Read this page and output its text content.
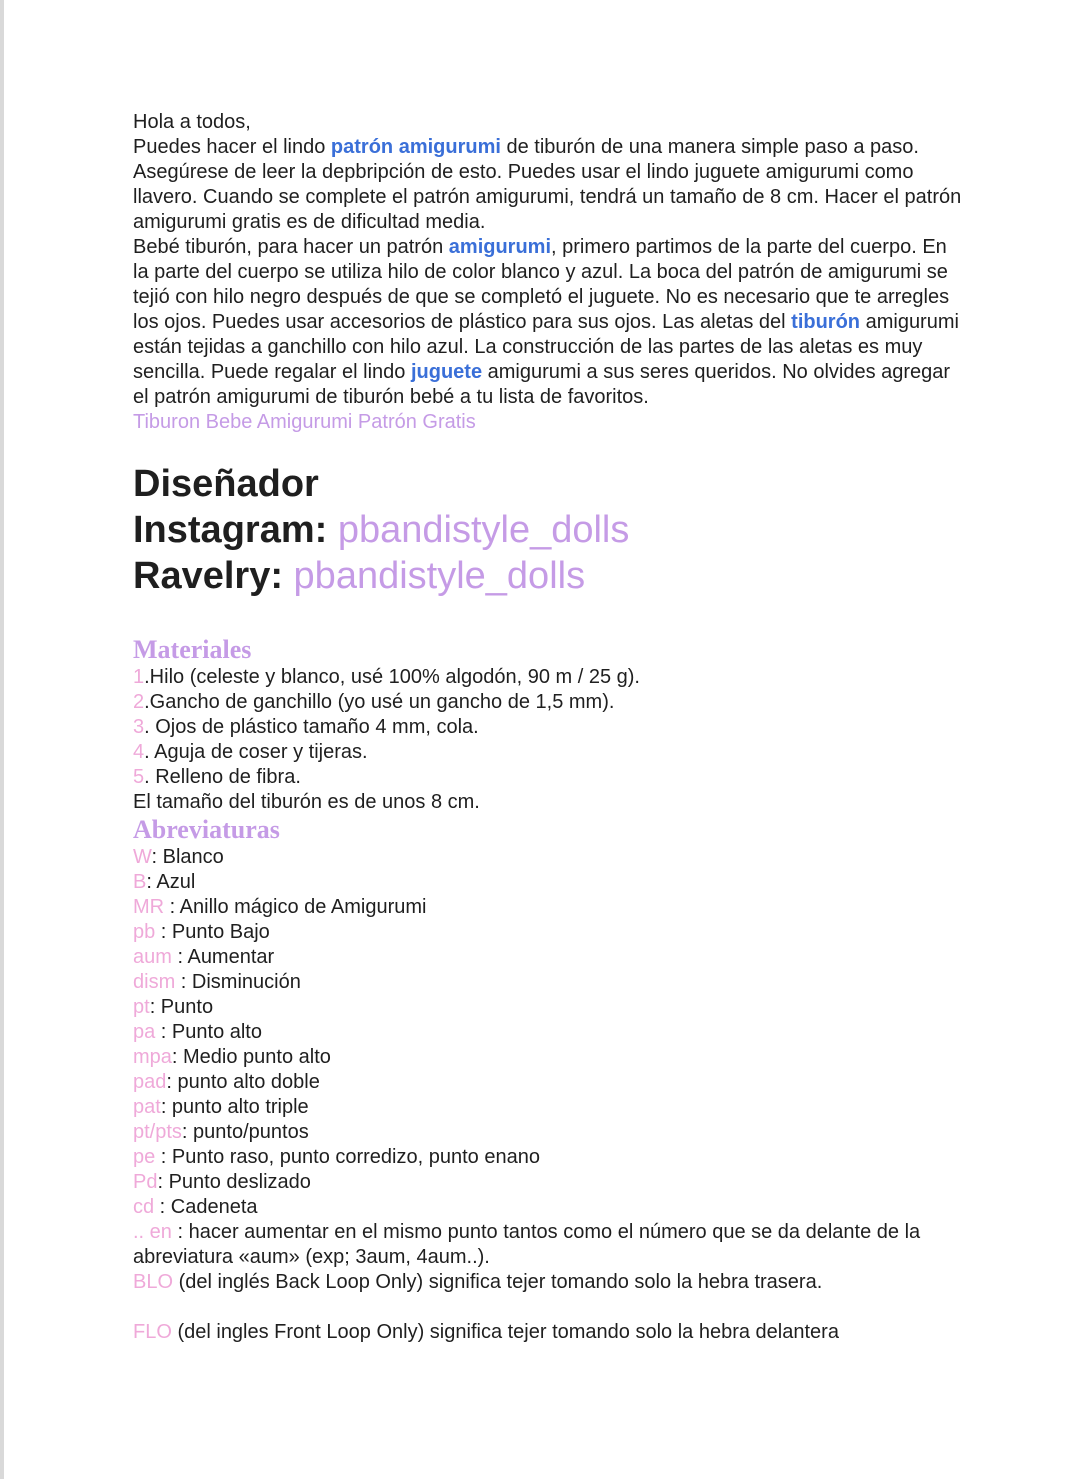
Hola a todos,

Puedes hacer el lindo patrón amigurumi de tiburón de una manera simple paso a paso. Asegúrese de leer la depbripción de esto. Puedes usar el lindo juguete amigurumi como llavero. Cuando se complete el patrón amigurumi, tendrá un tamaño de 8 cm. Hacer el patrón amigurumi gratis es de dificultad media.

Bebé tiburón, para hacer un patrón amigurumi, primero partimos de la parte del cuerpo. En la parte del cuerpo se utiliza hilo de color blanco y azul. La boca del patrón de amigurumi se tejió con hilo negro después de que se completó el juguete. No es necesario que te arregles los ojos. Puedes usar accesorios de plástico para sus ojos. Las aletas del tiburón amigurumi están tejidas a ganchillo con hilo azul. La construcción de las partes de las aletas es muy sencilla. Puede regalar el lindo juguete amigurumi a sus seres queridos. No olvides agregar el patrón amigurumi de tiburón bebé a tu lista de favoritos.

Tiburon Bebe Amigurumi Patrón Gratis

Diseñador
Instagram: pbandistyle_dolls
Ravelry: pbandistyle_dolls
Materiales

1.Hilo (celeste y blanco, usé 100% algodón, 90 m / 25 g).

2.Gancho de ganchillo (yo usé un gancho de 1,5 mm).

3. Ojos de plástico tamaño 4 mm, cola.

4. Aguja de coser y tijeras.

5. Relleno de fibra.

El tamaño del tiburón es de unos 8 cm.

Abreviaturas

W: Blanco

B: Azul

MR : Anillo mágico de Amigurumi

pb : Punto Bajo

aum : Aumentar

dism : Disminución

pt: Punto

pa : Punto alto

mpa: Medio punto alto

pad: punto alto doble

pat: punto alto triple

pt/pts: punto/puntos

pe : Punto raso, punto corredizo, punto enano

Pd: Punto deslizado

cd : Cadeneta

.. en : hacer aumentar en el mismo punto tantos como el número que se da delante de la abreviatura «aum» (exp; 3aum, 4aum..).

BLO (del inglés Back Loop Only) significa tejer tomando solo la hebra trasera.

FLO (del ingles Front Loop Only) significa tejer tomando solo la hebra delantera
